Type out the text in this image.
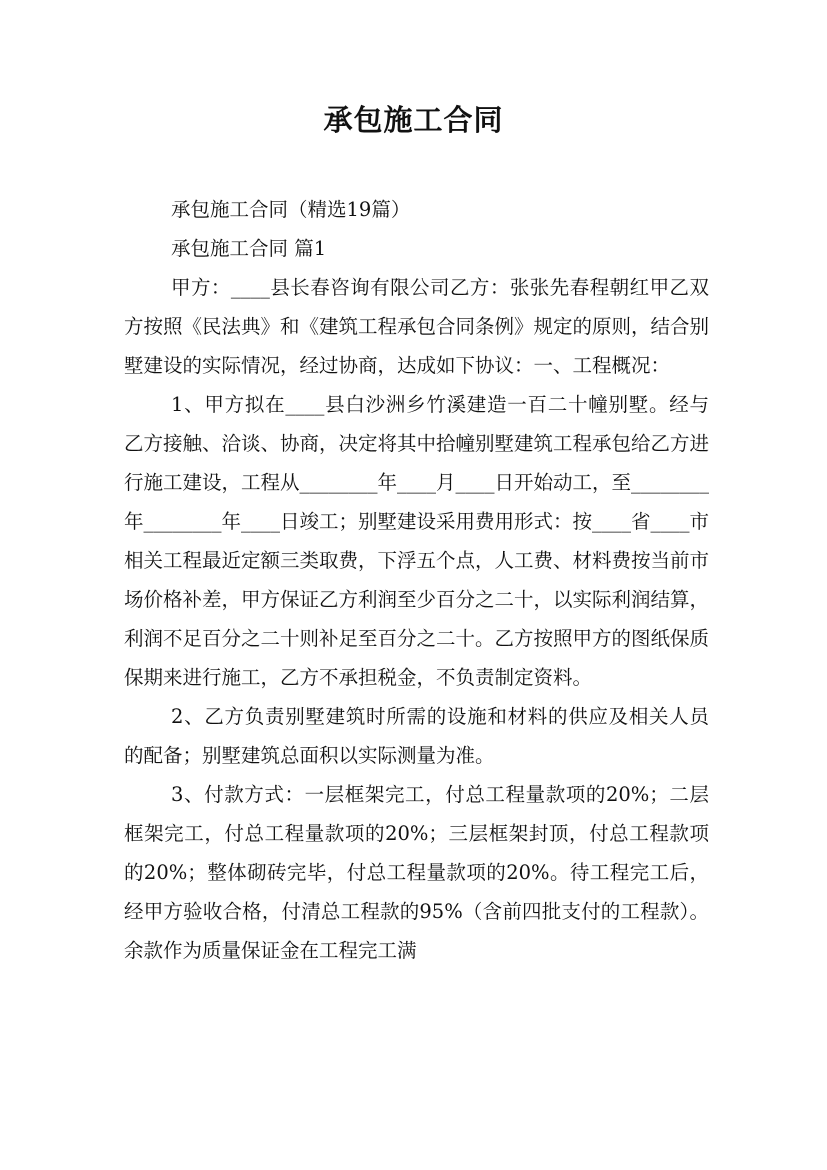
承包施工合同

承包施工合同（精选19篇）

承包施工合同 篇1

甲方：____县长春咨询有限公司乙方：张张先春程朝红甲乙双方按照《民法典》和《建筑工程承包合同条例》规定的原则，结合别墅建设的实际情况，经过协商，达成如下协议：一、工程概况：

1、甲方拟在____县白沙洲乡竹溪建造一百二十幢别墅。经与乙方接触、洽谈、协商，决定将其中拾幢别墅建筑工程承包给乙方进行施工建设，工程从________年____月____日开始动工，至________年________年____日竣工；别墅建设采用费用形式：按____省____市相关工程最近定额三类取费，下浮五个点，人工费、材料费按当前市场价格补差，甲方保证乙方利润至少百分之二十，以实际利润结算，利润不足百分之二十则补足至百分之二十。乙方按照甲方的图纸保质保期来进行施工，乙方不承担税金，不负责制定资料。

2、乙方负责别墅建筑时所需的设施和材料的供应及相关人员的配备；别墅建筑总面积以实际测量为准。

3、付款方式：一层框架完工，付总工程量款项的20%；二层框架完工，付总工程量款项的20%；三层框架封顶，付总工程款项的20%；整体砌砖完毕，付总工程量款项的20%。待工程完工后，经甲方验收合格，付清总工程款的95%（含前四批支付的工程款）。余款作为质量保证金在工程完工满
